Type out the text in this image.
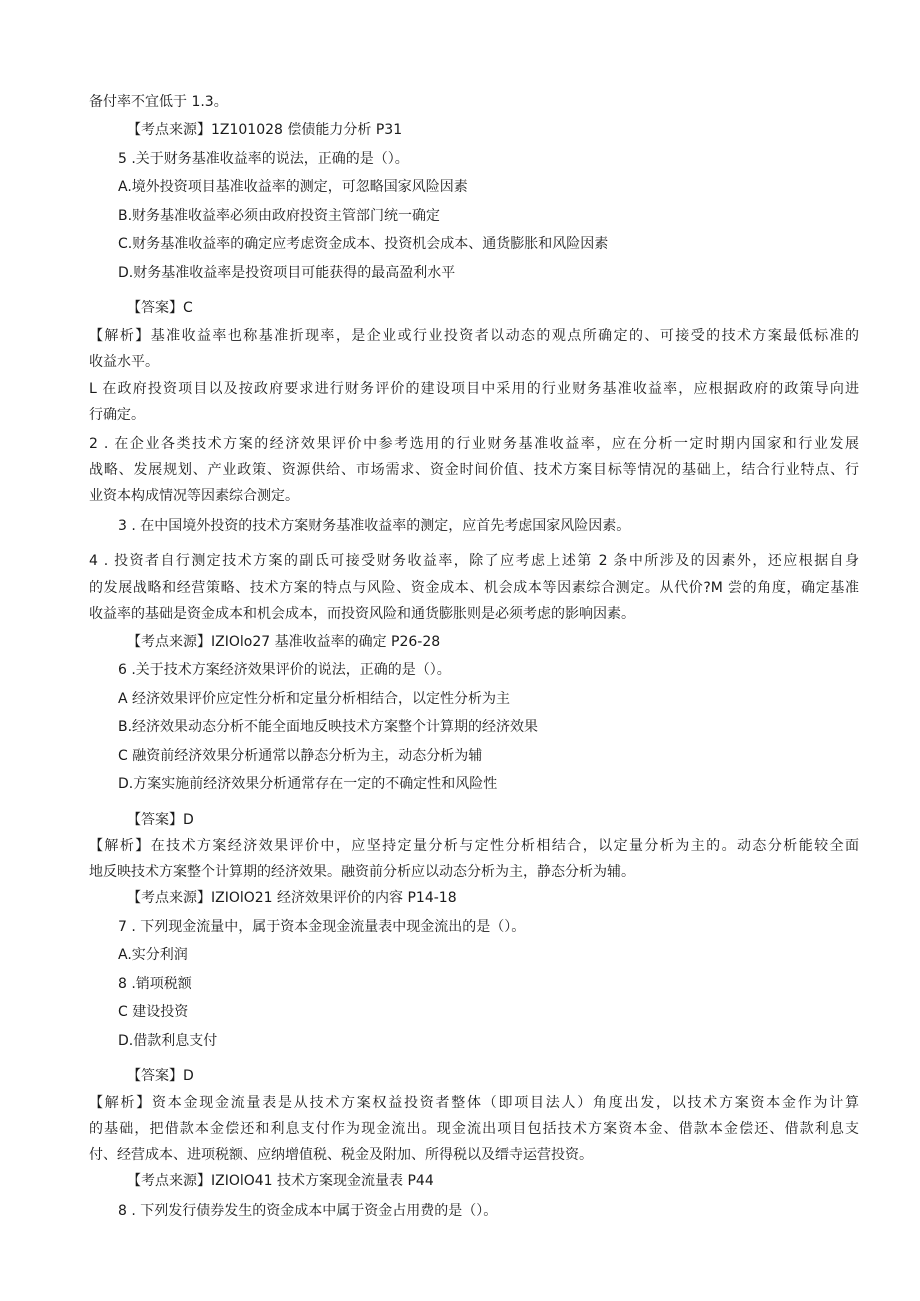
备付率不宜低于 1.3。
【考点来源】1Z101028 偿债能力分析 P31
5 .关于财务基准收益率的说法，正确的是（）。
A.境外投资项目基准收益率的测定，可忽略国家风险因素
B.财务基准收益率必须由政府投资主管部门统一确定
C.财务基准收益率的确定应考虑资金成本、投资机会成本、通货膨胀和风险因素
D.财务基准收益率是投资项目可能获得的最高盈利水平
【答案】C
【解析】基准收益率也称基准折现率，是企业或行业投资者以动态的观点所确定的、可接受的技术方案最低标准的
收益水平。
L 在政府投资项目以及按政府要求进行财务评价的建设项目中采用的行业财务基准收益率，应根据政府的政策导向进
行确定。
2 . 在企业各类技术方案的经济效果评价中参考选用的行业财务基准收益率，应在分析一定时期内国家和行业发展
战略、发展规划、产业政策、资源供给、市场需求、资金时间价值、技术方案目标等情况的基础上，结合行业特点、行
业资本构成情况等因素综合测定。
3 . 在中国境外投资的技术方案财务基准收益率的测定，应首先考虑国家风险因素。
4 . 投资者自行测定技术方案的副氐可接受财务收益率，除了应考虑上述第 2 条中所涉及的因素外，还应根据自身
的发展战略和经营策略、技术方案的特点与风险、资金成本、机会成本等因素综合测定。从代价?M 尝的角度，确定基准
收益率的基础是资金成本和机会成本，而投资风险和通货膨胀则是必须考虑的影响因素。
【考点来源】IZIOlo27 基准收益率的确定 P26-28
6 .关于技术方案经济效果评价的说法，正确的是（）。
A 经济效果评价应定性分析和定量分析相结合，以定性分析为主
B.经济效果动态分析不能全面地反映技术方案整个计算期的经济效果
C 融资前经济效果分析通常以静态分析为主，动态分析为辅
D.方案实施前经济效果分析通常存在一定的不确定性和风险性
【答案】D
【解析】在技术方案经济效果评价中，应坚持定量分析与定性分析相结合，以定量分析为主的。动态分析能较全面
地反映技术方案整个计算期的经济效果。融资前分析应以动态分析为主，静态分析为辅。
【考点来源】IZIOlO21 经济效果评价的内容 P14-18
7 . 下列现金流量中，属于资本金现金流量表中现金流出的是（）。
A.实分利润
8 .销项税额
C 建设投资
D.借款利息支付
【答案】D
【解析】资本金现金流量表是从技术方案权益投资者整体（即项目法人）角度出发，以技术方案资本金作为计算
的基础，把借款本金偿还和利息支付作为现金流出。现金流出项目包括技术方案资本金、借款本金偿还、借款利息支
付、经营成本、进项税额、应纳增值税、税金及附加、所得税以及缙寺运营投资。
【考点来源】IZIOlO41 技术方案现金流量表 P44
8 . 下列发行债券发生的资金成本中属于资金占用费的是（）。
